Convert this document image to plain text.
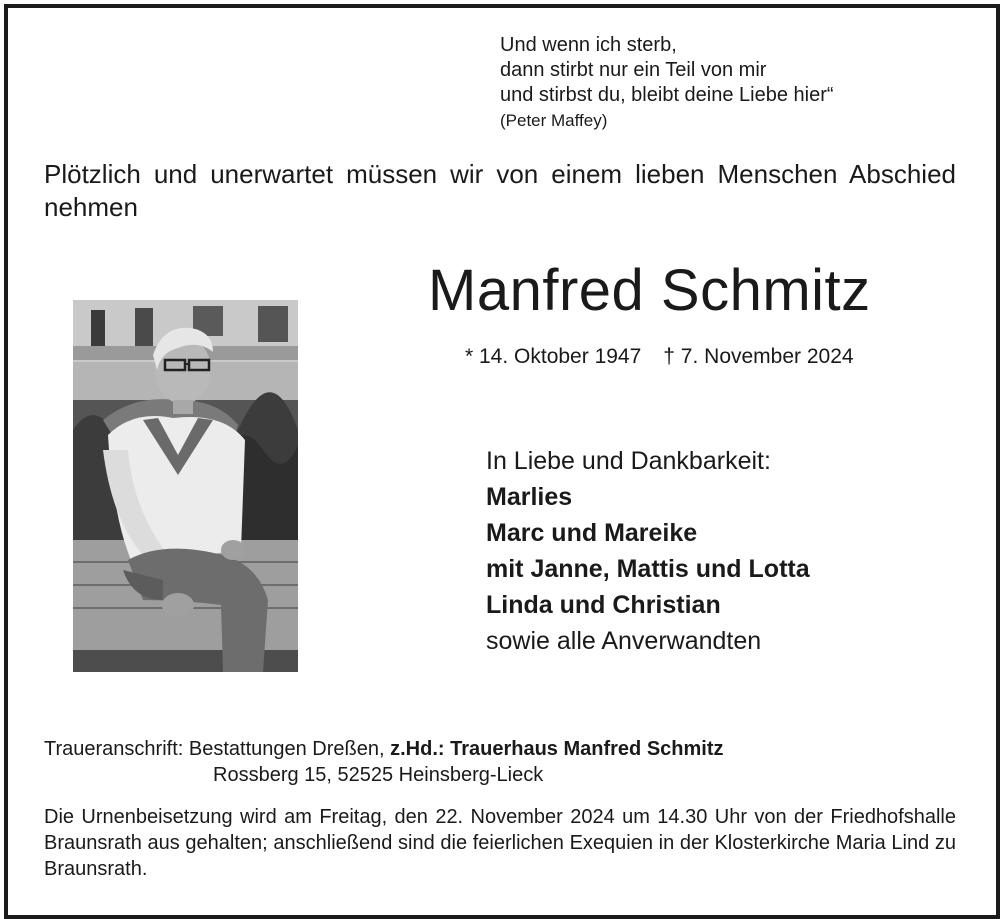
Und wenn ich sterb,
dann stirbt nur ein Teil von mir
und stirbst du, bleibt deine Liebe hier“
(Peter Maffey)
Plötzlich und unerwartet müssen wir von einem lieben Menschen Abschied nehmen
Manfred Schmitz
* 14. Oktober 1947 † 7. November 2024
In Liebe und Dankbarkeit:
Marlies
Marc und Mareike
mit Janne, Mattis und Lotta
Linda und Christian
sowie alle Anverwandten
Traueranschrift: Bestattungen Dreßen, z.Hd.: Trauerhaus Manfred Schmitz
Rossberg 15, 52525 Heinsberg-Lieck
Die Urnenbeisetzung wird am Freitag, den 22. November 2024 um 14.30 Uhr von der Friedhofshalle Braunsrath aus gehalten; anschließend sind die feierlichen Exequien in der Klosterkirche Maria Lind zu Braunsrath.
